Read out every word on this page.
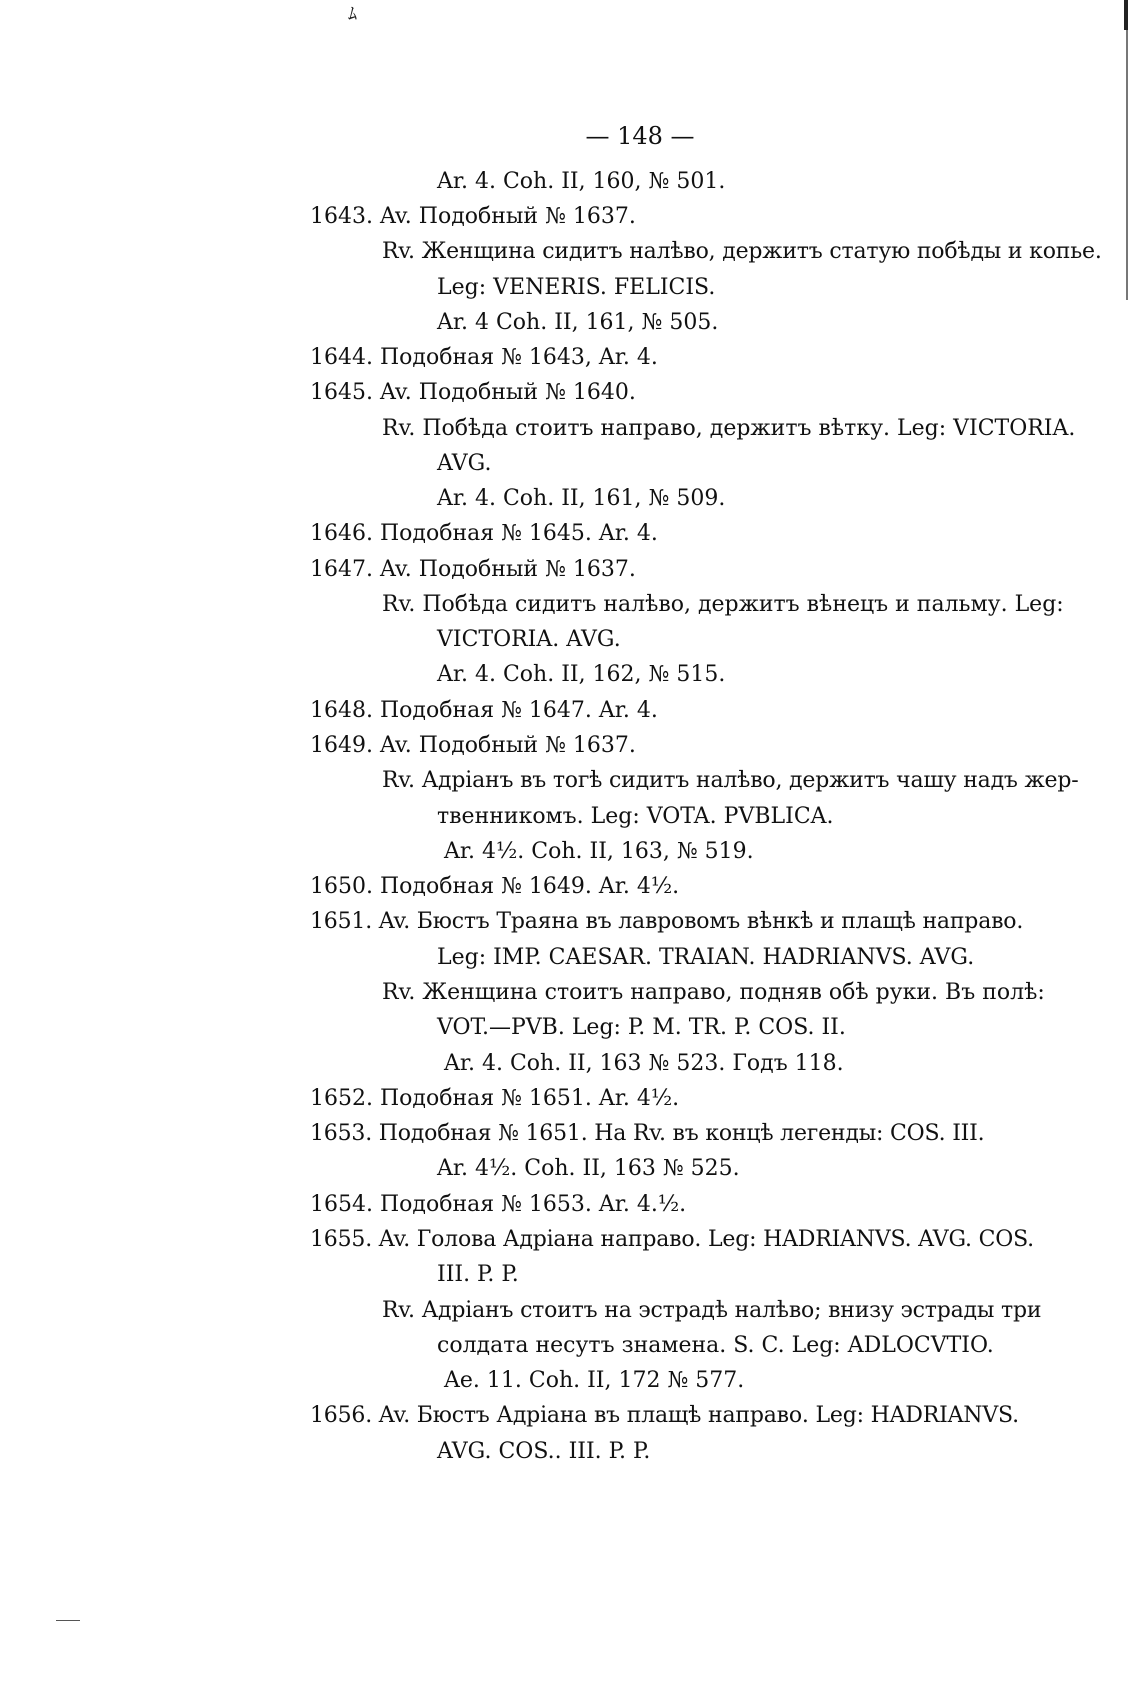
ﾑ
— 148 —
Ar. 4. Coh. II, 160, № 501.
1643. Av. Подобный № 1637.
Rv. Женщина сидитъ налѣво, держитъ статую побѣды и копье.
Leg: VENERIS. FELICIS.
Ar. 4 Coh. II, 161, № 505.
1644. Подобная № 1643, Ar. 4.
1645. Av. Подобный № 1640.
Rv. Побѣда стоитъ направо, держитъ вѣтку. Leg: VICTORIA.
AVG.
Ar. 4. Coh. II, 161, № 509.
1646. Подобная № 1645. Ar. 4.
1647. Av. Подобный № 1637.
Rv. Побѣда сидитъ налѣво, держитъ вѣнецъ и пальму. Leg:
VICTORIA. AVG.
Ar. 4. Coh. II, 162, № 515.
1648. Подобная № 1647. Ar. 4.
1649. Av. Подобный № 1637.
Rv. Адріанъ въ тогѣ сидитъ налѣво, держитъ чашу надъ жер-
твенникомъ. Leg: VOTA. PVBLICA.
Ar. 4½. Coh. II, 163, № 519.
1650. Подобная № 1649. Ar. 4½.
1651. Av. Бюстъ Траяна въ лавровомъ вѣнкѣ и плащѣ направо.
Leg: IMP. CAESAR. TRAIAN. HADRIANVS. AVG.
Rv. Женщина стоитъ направо, подняв обѣ руки. Въ полѣ:
VOT.—PVB. Leg: P. M. TR. P. COS. II.
Ar. 4. Coh. II, 163 № 523. Годъ 118.
1652. Подобная № 1651. Ar. 4½.
1653. Подобная № 1651. На Rv. въ концѣ легенды: COS. III.
Ar. 4½. Coh. II, 163 № 525.
1654. Подобная № 1653. Ar. 4.½.
1655. Av. Голова Адріана направо. Leg: HADRIANVS. AVG. COS.
III. P. P.
Rv. Адріанъ стоитъ на эстрадѣ налѣво; внизу эстрады три
солдата несутъ знамена. S. C. Leg: ADLOCVTIO.
Ae. 11. Coh. II, 172 № 577.
1656. Av. Бюстъ Адріана въ плащѣ направо. Leg: HADRIANVS.
AVG. COS.. III. P. P.
